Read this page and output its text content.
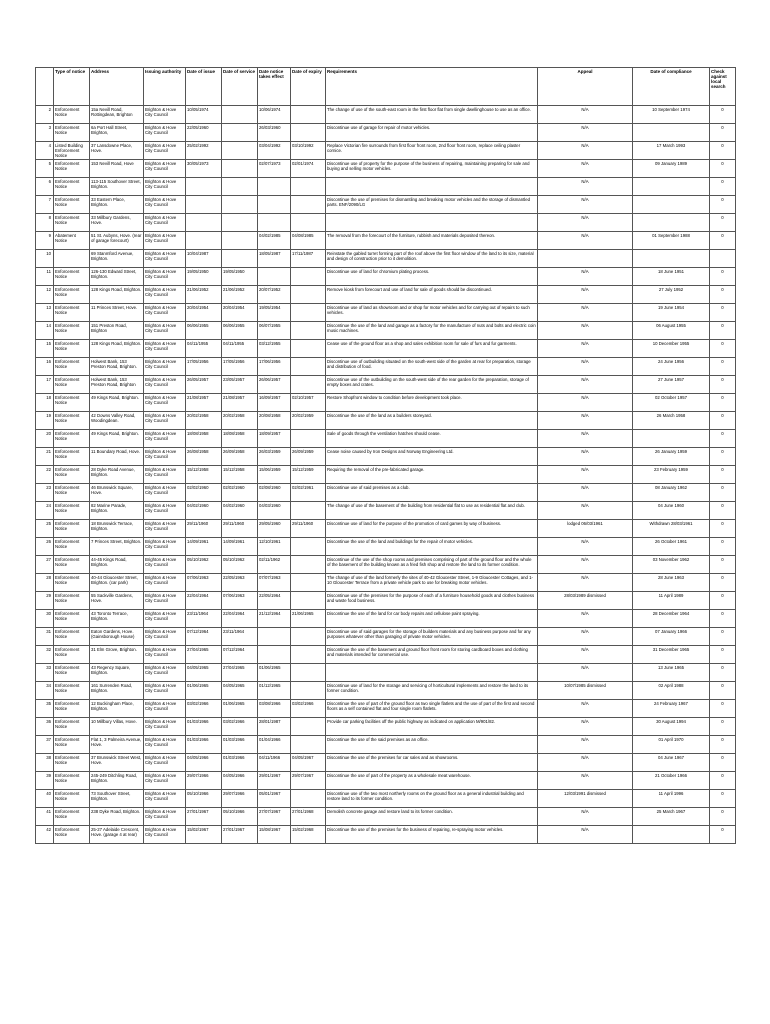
	Type of notice	Address	Issuing authority	Date of issue	Date of service	Date notice takes effect	Date of expiry	Requirements	Appeal	Date of compliance	Check against local search
2	Enforcement Notice	15a Nevill Road, Rottingdean, Brighton	Brighton & Hove City Council	10/05/1974		10/06/1974		The change of use of the south-east room in the first floor flat from single dwellinghouse to use as an office.	N/A	10 September 1974	0
3	Enforcement Notice	6a Port Hall Street, Brighton,	Brighton & Hove City Council	22/05/1960		26/03/1960		Discontinue use of garage for repair of motor vehicles.	N/A		0
4	Listed Building Enforcement Notice	37 Lansdowne Place, Hove.	Brighton & Hove City Council	25/02/1992		03/04/1992	03/10/1992	Replace Victorian fire surrounds from first floor front room, 2nd floor front room, replace ceiling plaster cornice.	N/A	17 March 1993	0
5	Enforcement Notice	153 Nevill Road, Hove	Brighton & Hove City Council	30/05/1973		02/07/1973	02/01/1974	Discontinue use of property for the purpose of the business of repairing, maintaining preparing for sale and buying and selling motor vehicles.	N/A	09 January 1989	0
6	Enforcement Notice	113-115 Southover Street, Brighton.	Brighton & Hove City Council						N/A		0
7	Enforcement Notice	33 Eastern Place, Brighton.	Brighton & Hove City Council					Discontinue the use of premises for dismantling and breaking motor vehicles and the storage of dismantled parts. ENF/2090/LG	N/A		0
8	Enforcement Notice	33 Millbury Gardens, Hove.	Brighton & Hove City Council						N/A		0
9	Abatement Notice	51 St. Aubyns, Hove. (rear of garage forecourt)	Brighton & Hove City Council			04/02/1985	04/08/1985	The removal from the forecourt of the furniture, rubbish and materials deposited thereon.	N/A	01 September 1988	0
10		69 Stanmford Avenue, Brighton.	Brighton & Hove City Council	10/04/1987		18/05/1987	17/11/1987	Reinstate the gabled turret forming part of the roof above the first floor window of the land to its size, material and design of construction prior to it demolition.			
11	Enforcement Notice	126-130 Edward Street, Brighton.	Brighton & Hove City Council	19/05/1950	19/05/1950			Discontinue use of land for chromium plating process.	N/A	18 June 1951	0
12	Enforcement Notice	128 Kings Road, Brighton.	Brighton & Hove City Council	21/06/1952	21/06/1952	20/07/1952		Remove kiosk from forecourt and use of land for sale of goods should be discontinued.	N/A	27 July 1952	0
13	Enforcement Notice	11 Princes Street, Hove.	Brighton & Hove City Council	20/04/1954	20/04/1954	19/05/1954		Discontinue use of land as showroom and or shop for motor vehicles and for carrying out of repairs to such vehicles.	N/A	19 June 1954	0
14	Enforcement Notice	151 Preston Road, Brighton	Brighton & Hove City Council	06/06/1955	06/06/1955	06/07/1955		Discontinue the use of the land and garage as a factory for the manufacture of nuts and bolts and electric coin music machines.	N/A	06 August 1955	0
15	Enforcement Notice	128 Kings Road, Brighton.	Brighton & Hove City Council	04/11/1955	04/11/1955	03/12/1955		Cease use of the ground floor as a shop and sales exhibition room for sale of furs and fur garments.	N/A	10 December 1955	0
16	Enforcement Notice	Holwest Bank, 153 Preston Road, Brighton.	Brighton & Hove City Council	17/05/1956	17/05/1956	17/06/1956		Discontinue use of outbuilding situated on the south-west side of the garden at rear for preparation, storage and distribution of food.	N/A	24 June 1956	0
17	Enforcement Notice	Holwest Bank, 153 Preston Road, Brighton	Brighton & Hove City Council	26/05/1957	23/05/1957	26/06/1957		Discontinue use of the outbuilding on the south-west side of the rear garden for the preparation, storage of empty boxes and crates.	N/A	27 June 1957	0
18	Enforcement Notice	49 Kings Road, Brighton.	Brighton & Hove City Council	21/08/1957	21/08/1957	16/09/1957	02/10/1957	Restore Shopfront window to condition before development took place.	N/A	02 October 1957	0
19	Enforcement Notice	42 Downs Valley Road, Woodingdean.	Brighton & Hove City Council	20/02/1958	20/02/1958	20/08/1958	20/02/1959	Discontinue the use of the land as a builders storeyard.	N/A	26 March 1958	0
20	Enforcement Notice	49 Kings Road, Brighton.	Brighton & Hove City Council	18/08/1958	18/08/1958	18/09/1957		Sale of goods through the ventilation hatches should cease.	N/A		0
21	Enforcement Notice	11 Boundary Road, Hove.	Brighton & Hove City Council	26/08/1958	26/09/1958	26/03/1959	26/09/1959	Cease noise caused by Iron Designs and Norway Engineering Ltd.	N/A	26 January 1959	0
22	Enforcement Notice	28 Dyke Road Avenue, Brighton.	Brighton & Hove City Council	15/12/1958	15/12/1958	15/06/1959	15/12/1959	Requiring the removal of the pre-fabricated garage.	N/A	23 February 1959	0
23	Enforcement Notice	46 Brunswick Square, Hove.	Brighton & Hove City Council	02/02/1960	02/02/1960	02/08/1960	02/02/1961	Discontinue use of said premises as a club.	N/A	08 January 1962	0
24	Enforcement Notice	82 Marine Parade, Brighton.	Brighton & Hove City Council	04/02/1960	04/02/1960	04/03/1960		The change of use of the basement of the building from residential flat to use as residential flat and club.	N/A	04 June 1960	0
25	Enforcement Notice	18 Brunswick Terrace, Brighton.	Brighton & Hove City Council	29/11/1960	29/11/1960	29/05/1960	29/11/1960	Discontinue use of land for the purpose of the promotion of card games by way of business.	lodged 06/03/1961	Withdrawn 28/03/1961	0
26	Enforcement Notice	7 Princes Street, Brighton.	Brighton & Hove City Council	14/09/1961	14/09/1961	12/10/1961		Discontinue the use of the land and buildings for the repair of motor vehicles.	N/A	26 October 1961	0
27	Enforcement Notice	44-45 Kings Road, Brighton.	Brighton & Hove City Council	05/10/1962	05/10/1962	02/11/1962		Discontinue of the use of the shop rooms and premises comprising of part of the ground floor and the whole of the basement of the building known as a fried fish shop and restore the land to its former condition.	N/A	03 November 1962	0
28	Enforcement Notice	40-44 Gloucester Street, Brighton. (car park)	Brighton & Hove City Council	07/06/1963	22/05/1963	07/07/1963		The change of use of the land formerly the sites of 40-42 Gloucester Street, 1-9 Gloucester Cottages, and 1-10 Gloucester Terrace from a private vehicle park to use for breaking motor vehicles.	N/A	28 June 1963	0
29	Enforcement Notice	55 Sackville Gardens, Hove.	Brighton & Hove City Council	22/04/1964	07/06/1963	22/05/1964		Discontinue use of the premises for the purpose of each of a furniture household goods and clothes business and waste food business.	28/03/1989 dismissed	11 April 1989	0
30	Enforcement Notice	43 Toronto Terrace, Brighton.	Brighton & Hove City Council	23/11/1964	22/04/1964	21/12/1964	21/06/1965	Discontinue the use of the land for car body repairs and cellulose paint spraying.	N/A	28 December 1964	0
31	Enforcement Notice	Eaton Gardens, Hove. (Gainsborough House)	Brighton & Hove City Council	07/12/1964	23/11/1964			Discontinue use of said garages for the storage of builders materials and any business purpose and for any purposes whatever other than garaging of private motor vehicles.	N/A	07 January 1966	0
32	Enforcement Notice	31 Elm Grove, Brighton.	Brighton & Hove City Council	27/04/1965	07/12/1964			Discontinue the use of the basement and ground floor front room for storing cardboard boxes and clothing and materials intended for commercial use.	N/A	31 December 1965	0
33	Enforcement Notice	43 Regency Square, Brighton.	Brighton & Hove City Council	04/05/1965	27/04/1965	01/06/1965			N/A	13 June 1965	0
34	Enforcement Notice	161 Surrenden Road, Brighton.	Brighton & Hove City Council	01/06/1965	04/05/1965	01/12/1965		Discontinue use of land for the storage and servicing of horticultural implements and restore the land to its former condition.	10/07/1985 dismissed	02 April 1988	0
35	Enforcement Notice	12 Buckingham Place, Brighton.	Brighton & Hove City Council	03/02/1966	01/06/1965	03/08/1966	03/02/1966	Discontinue the use of part of the ground floor as two single flatlets and the use of part of the first and second floors as a self contained flat and four single room flatlets.	N/A	24 February 1967	0
36	Enforcement Notice	10 Millbury Villas, Hove.	Brighton & Hove City Council	01/03/1966	03/02/1966	28/01/1987		Provide car parking facilities off the public highway as indicated on application M/901/82.	N/A	30 August 1994	0
37	Enforcement Notice	Flat 1, 3 Palmeira Avenue, Hove.	Brighton & Hove City Council	01/03/1966	01/03/1966	01/04/1966		Discontinue the use of the said premises as an office.	N/A	01 April 1970	0
38	Enforcement Notice	37 Brunswick Street West, Hove.	Brighton & Hove City Council	04/05/1966	01/03/1966	04/11/1966	04/05/1967	Discontinue the use of the premises for car sales and as showrooms.	N/A	04 June 1967	0
39	Enforcement Notice	245-249 Ditchling Road, Brighton.	Brighton & Hove City Council	29/07/1966	04/05/1966	29/01/1967	29/07/1967	Discontinue the use of part of the property as a wholesale meat warehouse.	N/A	21 October 1966	0
40	Enforcement Notice	73 Southover Street, Brighton.	Brighton & Hove City Council	05/10/1966	29/07/1966	05/01/1967		Discontinue use of the two most northerly rooms on the ground floor as a general industrial building and restore land to its former condition.	12/03/1991 dismissed	11 April 1996	0
41	Enforcement Notice	238 Dyke Road, Brighton.	Brighton & Hove City Council	27/01/1967	05/10/1966	27/07/1967	27/01/1968	Demolish concrete garage and restore land to its former condition.	N/A	25 March 1967	0
42	Enforcement Notice	25-27 Adelaide Crescent, Hove. (garage 4 at rear)	Brighton & Hove City Council	15/02/1967	27/01/1967	15/08/1967	15/02/1968	Discontinue the use of the premises for the business of repairing, re-spraying motor vehicles.	N/A		0
